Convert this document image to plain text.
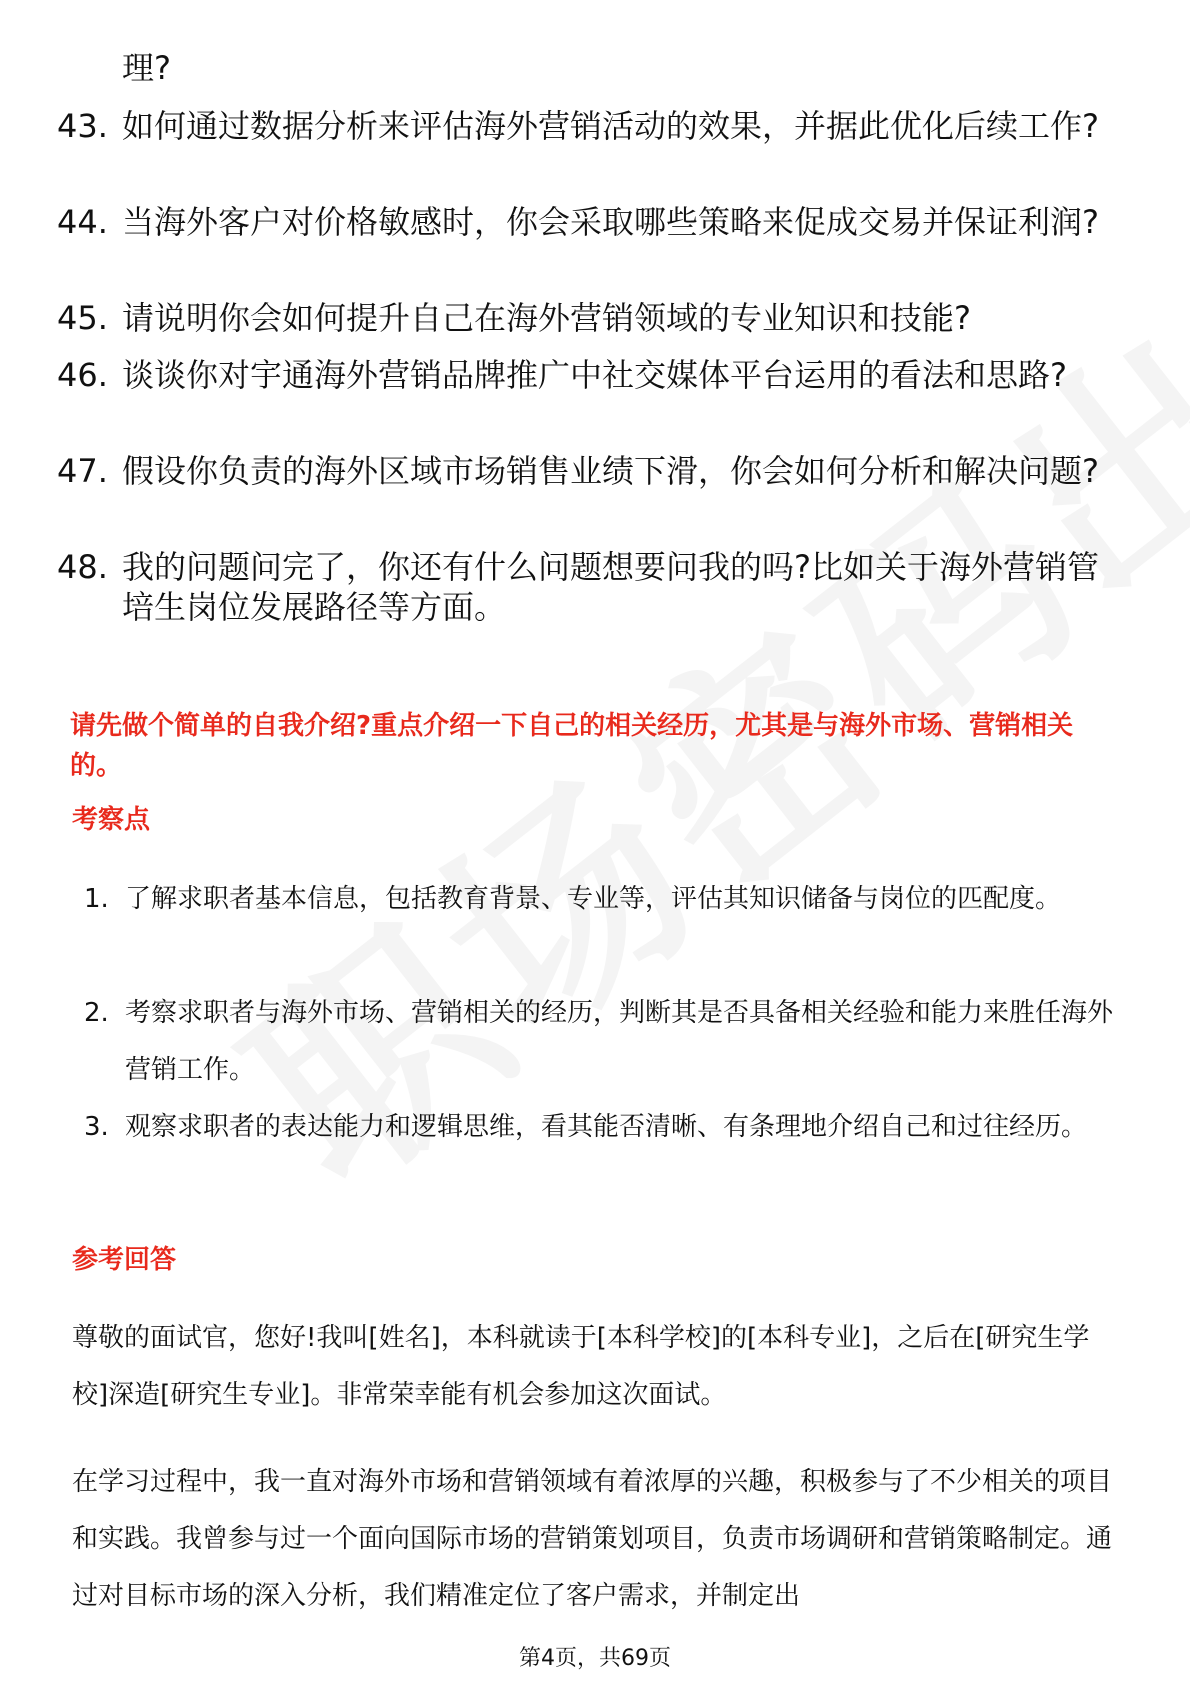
理?
43. 如何通过数据分析来评估海外营销活动的效果，并据此优化后续工作?
44. 当海外客户对价格敏感时，你会采取哪些策略来促成交易并保证利润?
45. 请说明你会如何提升自己在海外营销领域的专业知识和技能?
46. 谈谈你对宇通海外营销品牌推广中社交媒体平台运用的看法和思路?
47. 假设你负责的海外区域市场销售业绩下滑，你会如何分析和解决问题?
48. 我的问题问完了，你还有什么问题想要问我的吗?比如关于海外营销管培生岗位发展路径等方面。
请先做个简单的自我介绍?重点介绍一下自己的相关经历，尤其是与海外市场、营销相关的。
考察点
1. 了解求职者基本信息，包括教育背景、专业等，评估其知识储备与岗位的匹配度。
2. 考察求职者与海外市场、营销相关的经历，判断其是否具备相关经验和能力来胜任海外营销工作。
3. 观察求职者的表达能力和逻辑思维，看其能否清晰、有条理地介绍自己和过往经历。
参考回答
尊敬的面试官，您好!我叫[姓名]，本科就读于[本科学校]的[本科专业]，之后在[研究生学校]深造[研究生专业]。非常荣幸能有机会参加这次面试。
在学习过程中，我一直对海外市场和营销领域有着浓厚的兴趣，积极参与了不少相关的项目和实践。我曾参与过一个面向国际市场的营销策划项目，负责市场调研和营销策略制定。通过对目标市场的深入分析，我们精准定位了客户需求，并制定出
第4页，共69页
